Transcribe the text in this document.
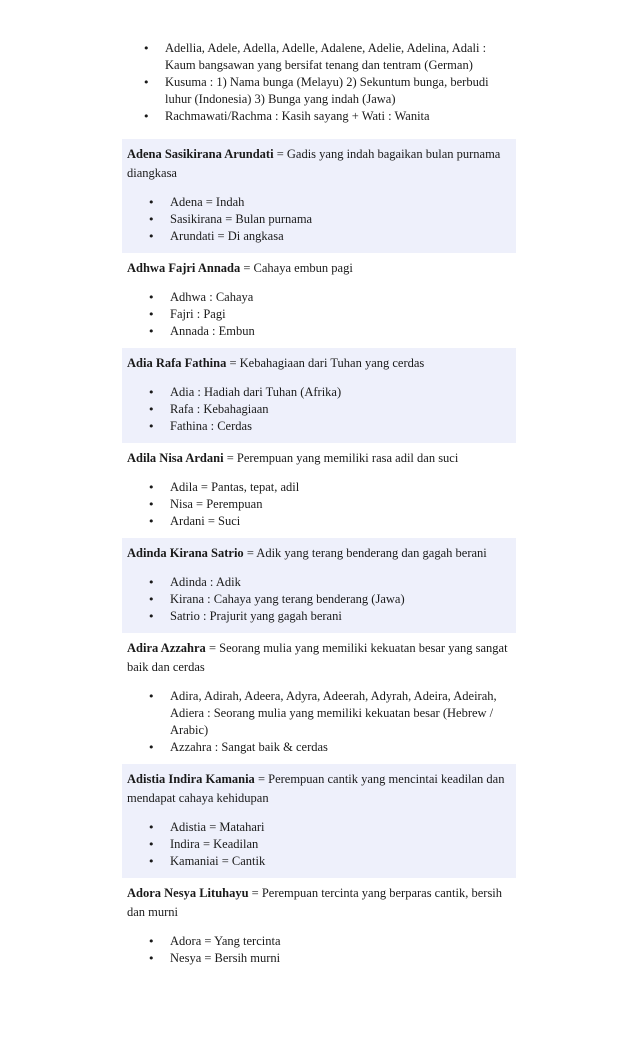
• Adellia, Adele, Adella, Adelle, Adalene, Adelie, Adelina, Adali : Kaum bangsawan yang bersifat tenang dan tentram (German)
• Kusuma : 1) Nama bunga (Melayu) 2) Sekuntum bunga, berbudi luhur (Indonesia) 3) Bunga yang indah (Jawa)
• Rachmawati/Rachma : Kasih sayang + Wati : Wanita
Adena Sasikirana Arundati = Gadis yang indah bagaikan bulan purnama diangkasa
• Adena = Indah
• Sasikirana = Bulan purnama
• Arundati = Di angkasa
Adhwa Fajri Annada = Cahaya embun pagi
• Adhwa : Cahaya
• Fajri : Pagi
• Annada : Embun
Adia Rafa Fathina = Kebahagiaan dari Tuhan yang cerdas
• Adia : Hadiah dari Tuhan (Afrika)
• Rafa : Kebahagiaan
• Fathina : Cerdas
Adila Nisa Ardani = Perempuan yang memiliki rasa adil dan suci
• Adila = Pantas, tepat, adil
• Nisa = Perempuan
• Ardani = Suci
Adinda Kirana Satrio = Adik yang terang benderang dan gagah berani
• Adinda : Adik
• Kirana : Cahaya yang terang benderang (Jawa)
• Satrio : Prajurit yang gagah berani
Adira Azzahra = Seorang mulia yang memiliki kekuatan besar yang sangat baik dan cerdas
• Adira, Adirah, Adeera, Adyra, Adeerah, Adyrah, Adeira, Adeirah, Adiera : Seorang mulia yang memiliki kekuatan besar (Hebrew / Arabic)
• Azzahra : Sangat baik & cerdas
Adistia Indira Kamania = Perempuan cantik yang mencintai keadilan dan mendapat cahaya kehidupan
• Adistia = Matahari
• Indira = Keadilan
• Kamaniai = Cantik
Adora Nesya Lituhayu = Perempuan tercinta yang berparas cantik, bersih dan murni
• Adora = Yang tercinta
• Nesya = Bersih murni
